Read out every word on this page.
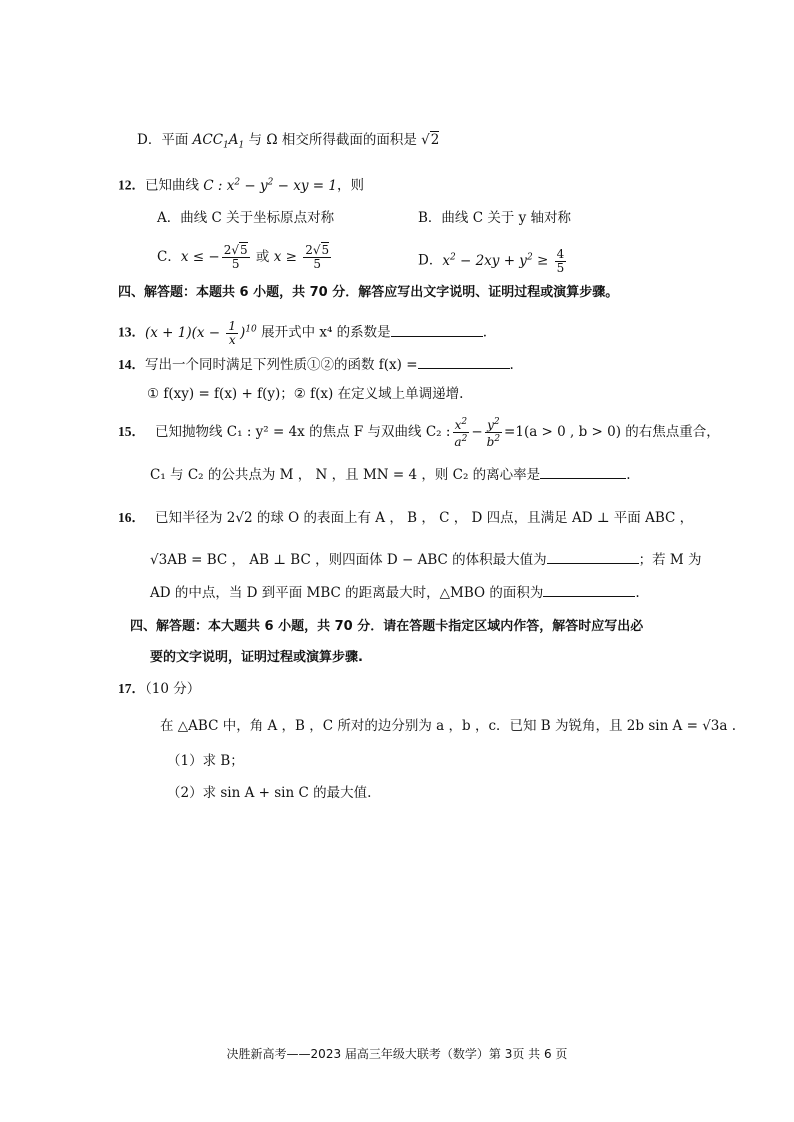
D．平面 $ACC_1A_1$ 与 Ω 相交所得截面的面积是 √2
12．已知曲线 C : $x^2 - y^2$ − xy = 1，则
A．曲线 C 关于坐标原点对称	B．曲线 C 关于 y 轴对称
C．x ≤ − $\frac{2√5}{5}$ 或 $x \ge \frac{2√5}{5}$	D．$x^2 - 2xy + y^2 \ge \frac{4}{5}$
四、解答题：本题共 6 小题，共 70 分．解答应写出文字说明、证明过程或演算步骤。
13．$(x + 1)(x - \frac{1}{x} )^{10}$ 展开式中 x⁴ 的系数是	.
14．写出一个同时满足下列性质①②的函数 f(x) =	.
① f(xy) = f(x) + f(y)；② f(x) 在定义域上单调递增.
15． 已知抛物线 C₁ : y² = 4x 的焦点 F 与双曲线 C₂ : $\frac{x^2}{a^2} - \frac{y^2}{b^2} =1(a > 0$ , b > 0) 的右焦点重合，
C₁ 与 C₂ 的公共点为 M ， N ，且 MN = 4 ，则 C₂ 的离心率是	.
16． 已知半径为 2√2 的球 O 的表面上有 A ， B ， C ， D 四点，且满足 AD ⊥ 平面 ABC ，
√3AB = BC ， AB ⊥ BC ，则四面体 D − ABC 的体积最大值为	；若 M 为
AD 的中点，当 D 到平面 MBC 的距离最大时，△MBO 的面积为	.
四、解答题：本大题共 6 小题，共 70 分．请在答题卡指定区域内作答，解答时应写出必
要的文字说明，证明过程或演算步骤.
17．（10 分）
在 △ABC 中，角 A ，B ，C 所对的边分别为 a ，b ，c．已知 B 为锐角，且 2b sin A = √3a .
（1）求 B；
（2）求 sin A + sin C 的最大值.
决胜新高考——2023 届高三年级大联考（数学）第 3页 共 6 页
